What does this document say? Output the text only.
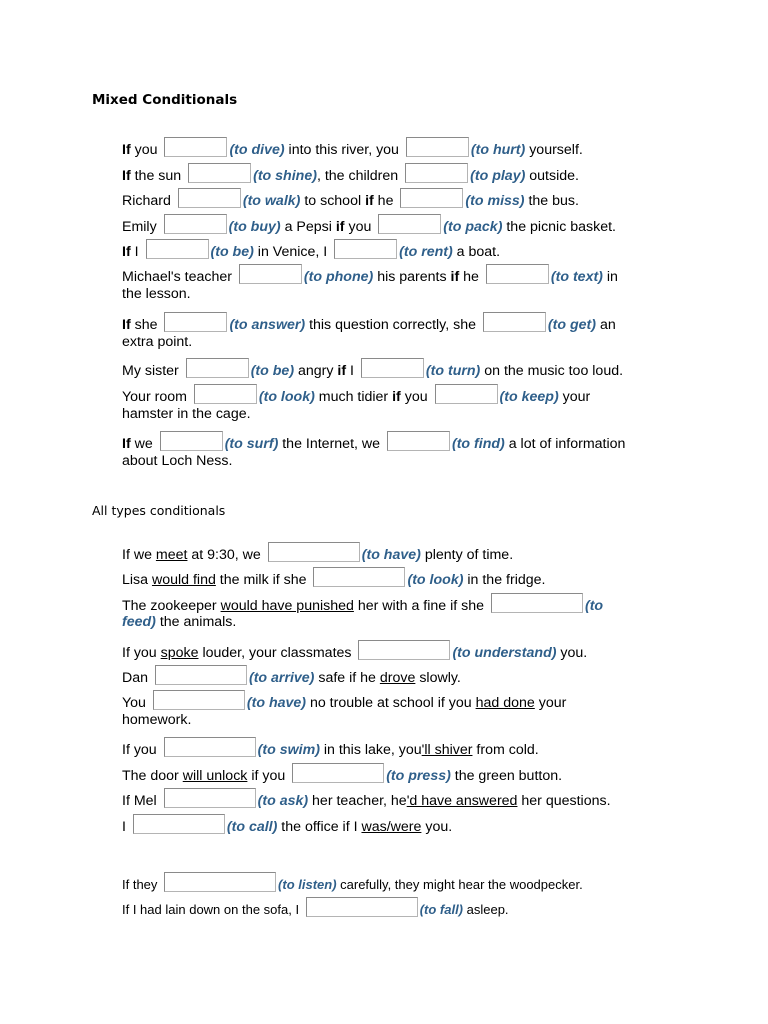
Mixed Conditionals
If you	(to dive) into this river, you	(to hurt) yourself.
If the sun	(to shine), the children	(to play) outside.
Richard	(to walk) to school if he	(to miss) the bus.
Emily	(to buy) a Pepsi if you	(to pack) the picnic basket.
If I	(to be) in Venice, I	(to rent) a boat.
Michael's teacher	(to phone) his parents if he	(to text) in
the lesson.
If she	(to answer) this question correctly, she	(to get) an
extra point.
My sister	(to be) angry if I	(to turn) on the music too loud.
Your room	(to look) much tidier if you	(to keep) your
hamster in the cage.
If we	(to surf) the Internet, we	(to find) a lot of information
about Loch Ness.
All types conditionals
If we meet at 9:30, we	(to have) plenty of time.
Lisa would find the milk if she	(to look) in the fridge.
The zookeeper would have punished her with a fine if she	(to
feed) the animals.
If you spoke louder, your classmates	(to understand) you.
Dan	(to arrive) safe if he drove slowly.
You	(to have) no trouble at school if you had done your
homework.
If you	(to swim) in this lake, you'll shiver from cold.
The door will unlock if you	(to press) the green button.
If Mel	(to ask) her teacher, he'd have answered her questions.
I	(to call) the office if I was/were you.
If they	(to listen) carefully, they might hear the woodpecker.
If I had lain down on the sofa, I	(to fall) asleep.
